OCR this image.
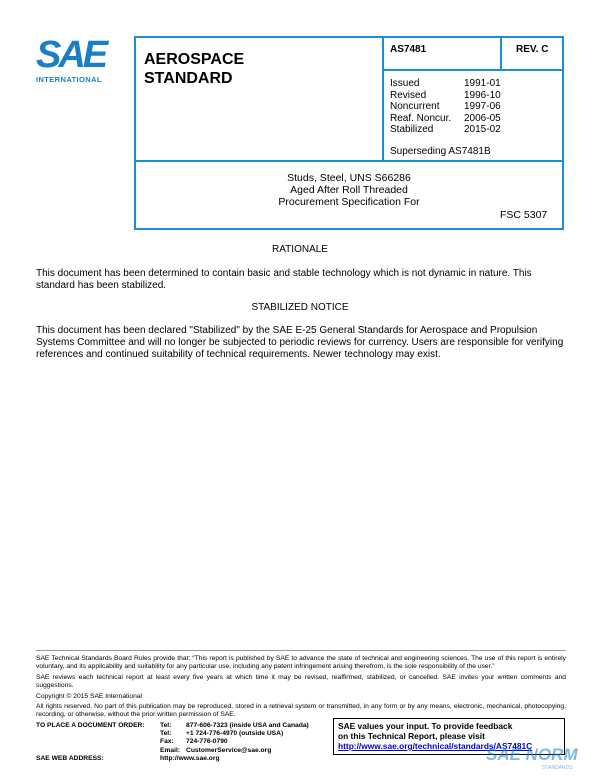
SAE
INTERNATIONAL
AEROSPACE
STANDARD
AS7481	REV. C
Issued	1991-01
Revised	1996-10
Noncurrent	1997-06
Reaf. Noncur.	2006-05
Stabilized	2015-02
Superseding AS7481B
Studs, Steel, UNS S66286
Aged After Roll Threaded
Procurement Specification For
FSC 5307
RATIONALE
This document has been determined to contain basic and stable technology which is not dynamic in nature. This standard has been stabilized.
STABILIZED NOTICE
This document has been declared "Stabilized" by the SAE E-25 General Standards for Aerospace and Propulsion Systems Committee and will no longer be subjected to periodic reviews for currency. Users are responsible for verifying references and continued suitability of technical requirements. Newer technology may exist.
SAE Technical Standards Board Rules provide that: “This report is published by SAE to advance the state of technical and engineering sciences. The use of this report is entirely voluntary, and its applicability and suitability for any particular use, including any patent infringement arising therefrom, is the sole responsibility of the user.”
SAE reviews each technical report at least every five years at which time it may be revised, reaffirmed, stabilized, or cancelled. SAE invites your written comments and suggestions.
Copyright © 2015 SAE International
All rights reserved. No part of this publication may be reproduced, stored in a retrieval system or transmitted, in any form or by any means, electronic, mechanical, photocopying, recording, or otherwise, without the prior written permission of SAE.
TO PLACE A DOCUMENT ORDER:	Tel:	877-606-7323 (inside USA and Canada)
Tel:	+1 724-776-4970 (outside USA)
Fax:	724-776-0790
Email: CustomerService@sae.org
SAE WEB ADDRESS:	http://www.sae.org
SAE values your input. To provide feedback
on this Technical Report, please visit
http://www.sae.org/technical/standards/AS7481C
SAE NORM
STANDARDS
